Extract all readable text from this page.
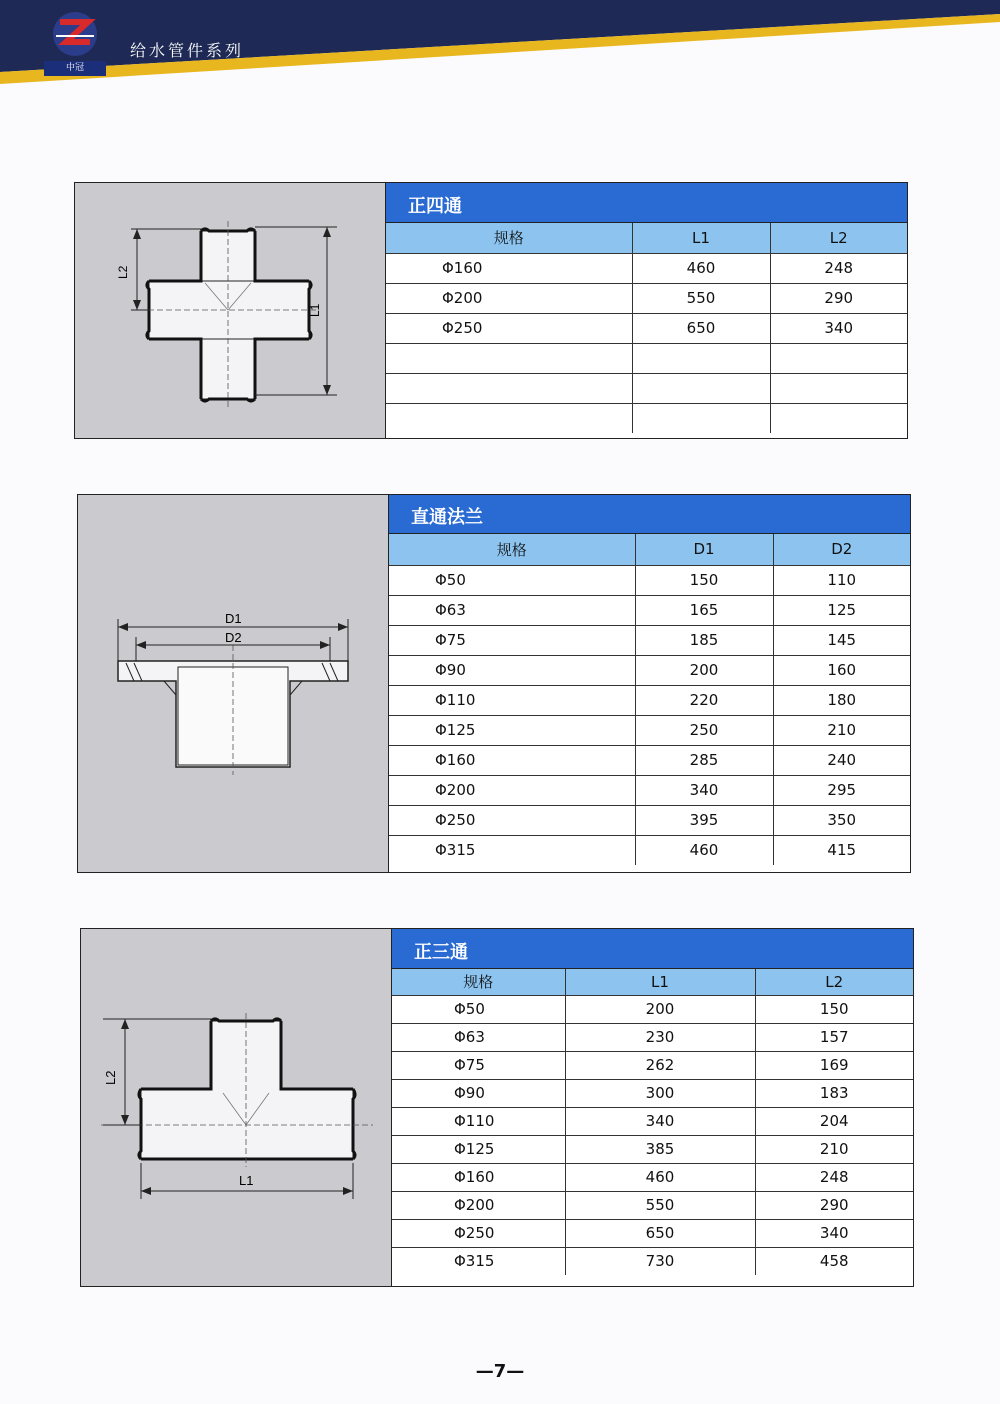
中冠
给水管件系列
L2
L1
正四通
规格	L1	L2
Φ160	460	248
Φ200	550	290
Φ250	650	340

D1
D2
直通法兰
规格	D1	D2
Φ50	150	110
Φ63	165	125
Φ75	185	145
Φ90	200	160
Φ110	220	180
Φ125	250	210
Φ160	285	240
Φ200	340	295
Φ250	395	350
Φ315	460	415
L2
L1
正三通
规格	L1	L2
Φ50	200	150
Φ63	230	157
Φ75	262	169
Φ90	300	183
Φ110	340	204
Φ125	385	210
Φ160	460	248
Φ200	550	290
Φ250	650	340
Φ315	730	458
—7—
